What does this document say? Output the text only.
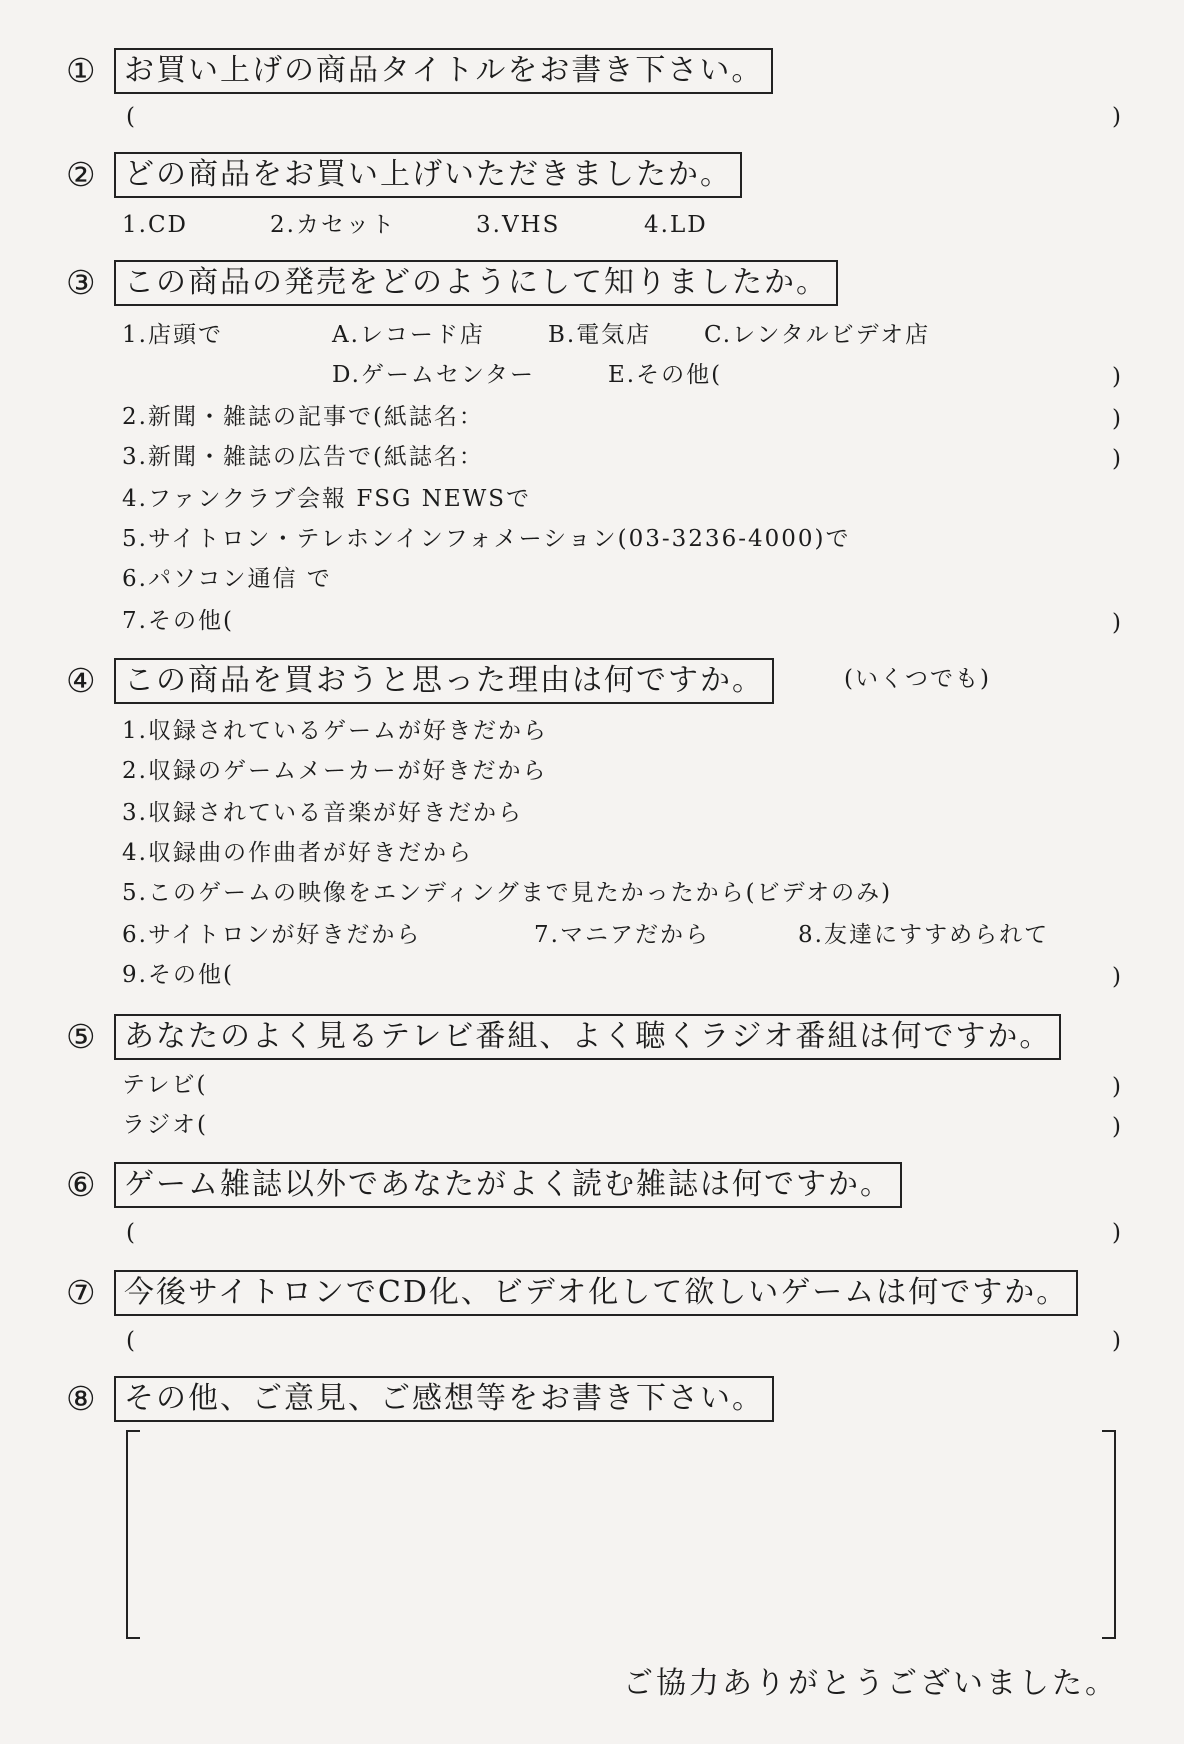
① お買い上げの商品タイトルをお書き下さい。
(	)
② どの商品をお買い上げいただきましたか。
1.CD	2.カセット	3.VHS	4.LD
③ この商品の発売をどのようにして知りましたか。
1.店頭で	A.レコード店	B.電気店 C.レンタルビデオ店
D.ゲームセンター	E.その他(	)
2.新聞・雑誌の記事で(紙誌名：	)
3.新聞・雑誌の広告で(紙誌名：	)
4.ファンクラブ会報 FSG NEWSで
5.サイトロン・テレホンインフォメーション(03-3236-4000)で
6.パソコン通信 で
7.その他(	)
④ この商品を買おうと思った理由は何ですか。	(いくつでも)
1.収録されているゲームが好きだから
2.収録のゲームメーカーが好きだから
3.収録されている音楽が好きだから
4.収録曲の作曲者が好きだから
5.このゲームの映像をエンディングまで見たかったから(ビデオのみ)
6.サイトロンが好きだから	7.マニアだから	8.友達にすすめられて
9.その他(	)
⑤ あなたのよく見るテレビ番組、よく聴くラジオ番組は何ですか。
テレビ(	)
ラジオ(	)
⑥ ゲーム雑誌以外であなたがよく読む雑誌は何ですか。
(	)
⑦ 今後サイトロンでCD化、ビデオ化して欲しいゲームは何ですか。
(	)
⑧ その他、ご意見、ご感想等をお書き下さい。
ご協力ありがとうございました。
